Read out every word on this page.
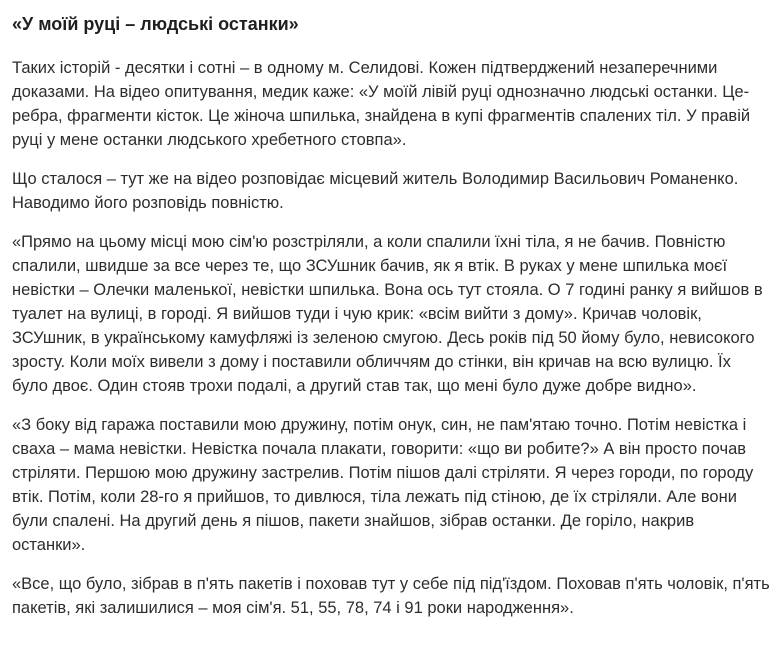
«У моїй руці – людські останки»

Таких історій - десятки і сотні – в одному м. Селидові. Кожен підтверджений незаперечними доказами. На відео опитування, медик каже: «У моїй лівій руці однозначно людські останки. Це-ребра, фрагменти кісток. Це жіноча шпилька, знайдена в купі фрагментів спалених тіл. У правій руці у мене останки людського хребетного стовпа».

Що сталося – тут же на відео розповідає місцевий житель Володимир Васильович Романенко. Наводимо його розповідь повністю.

«Прямо на цьому місці мою сім'ю розстріляли, а коли спалили їхні тіла, я не бачив. Повністю спалили, швидше за все через те, що ЗСУшник бачив, як я втік. В руках у мене шпилька моєї невістки – Олечки маленької, невістки шпилька. Вона ось тут стояла. О 7 годині ранку я вийшов в туалет на вулиці, в городі. Я вийшов туди і чую крик: «всім вийти з дому». Кричав чоловік, ЗСУшник, в українському камуфляжі із зеленою смугою. Десь років під 50 йому було, невисокого зросту. Коли моїх вивели з дому і поставили обличчям до стінки, він кричав на всю вулицю. Їх було двоє. Один стояв трохи подалі, а другий став так, що мені було дуже добре видно».

«З боку від гаража поставили мою дружину, потім онук, син, не пам'ятаю точно. Потім невістка і сваха – мама невістки. Невістка почала плакати, говорити: «що ви робите?» А він просто почав стріляти. Першою мою дружину застрелив. Потім пішов далі стріляти. Я через городи, по городу втік. Потім, коли 28-го я прийшов, то дивлюся, тіла лежать під стіною, де їх стріляли. Але вони були спалені. На другий день я пішов, пакети знайшов, зібрав останки. Де горіло, накрив останки».

«Все, що було, зібрав в п'ять пакетів і поховав тут у себе під під'їздом. Поховав п'ять чоловік, п'ять пакетів, які залишилися – моя сім'я. 51, 55, 78, 74 і 91 роки народження».
